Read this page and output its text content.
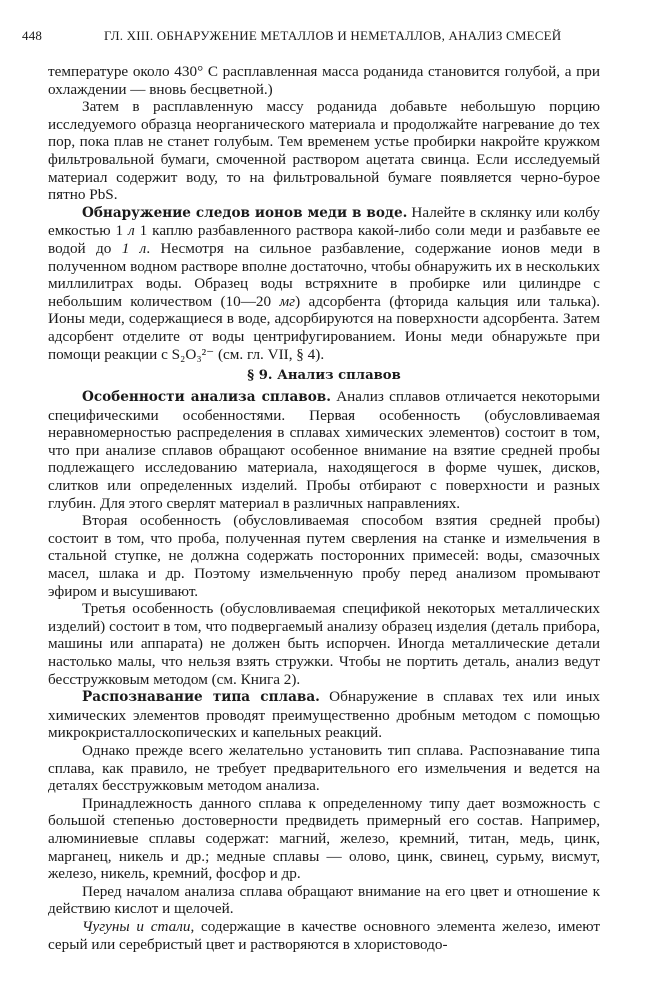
448	ГЛ. XIII. ОБНАРУЖЕНИЕ МЕТАЛЛОВ И НЕМЕТАЛЛОВ, АНАЛИЗ СМЕСЕЙ

температуре около 430° С расплавленная масса роданида становится голубой, а при охлаждении — вновь бесцветной.)

Затем в расплавленную массу роданида добавьте небольшую порцию исследуемого образца неорганического материала и продолжайте нагревание до тех пор, пока плав не станет голубым. Тем временем устье пробирки накройте кружком фильтровальной бумаги, смоченной раствором ацетата свинца. Если исследуемый материал содержит воду, то на фильтровальной бумаге появляется черно-бурое пятно PbS.

Обнаружение следов ионов меди в воде. Налейте в склянку или колбу емкостью 1 л 1 каплю разбавленного раствора какой-либо соли меди и разбавьте ее водой до 1 л. Несмотря на сильное разбавление, содержание ионов меди в полученном водном растворе вполне достаточно, чтобы обнаружить их в нескольких миллилитрах воды. Образец воды встряхните в пробирке или цилиндре с небольшим количеством (10—20 мг) адсорбента (фторида кальция или талька). Ионы меди, содержащиеся в воде, адсорбируются на поверхности адсорбента. Затем адсорбент отделите от воды центрифугированием. Ионы меди обнаружьте при помощи реакции с S₂O₃²⁻ (см. гл. VII, § 4).

§ 9. Анализ сплавов

Особенности анализа сплавов. Анализ сплавов отличается некоторыми специфическими особенностями. Первая особенность (обусловливаемая неравномерностью распределения в сплавах химических элементов) состоит в том, что при анализе сплавов обращают особенное внимание на взятие средней пробы подлежащего исследованию материала, находящегося в форме чушек, дисков, слитков или определенных изделий. Пробы отбирают с поверхности и разных глубин. Для этого сверлят материал в различных направлениях.

Вторая особенность (обусловливаемая способом взятия средней пробы) состоит в том, что проба, полученная путем сверления на станке и измельчения в стальной ступке, не должна содержать посторонних примесей: воды, смазочных масел, шлака и др. Поэтому измельченную пробу перед анализом промывают эфиром и высушивают.

Третья особенность (обусловливаемая спецификой некоторых металлических изделий) состоит в том, что подвергаемый анализу образец изделия (деталь прибора, машины или аппарата) не должен быть испорчен. Иногда металлические детали настолько малы, что нельзя взять стружки. Чтобы не портить деталь, анализ ведут бесстружковым методом (см. Книга 2).

Распознавание типа сплава. Обнаружение в сплавах тех или иных химических элементов проводят преимущественно дробным методом с помощью микрокристаллоскопических и капельных реакций.

Однако прежде всего желательно установить тип сплава. Распознавание типа сплава, как правило, не требует предварительного его измельчения и ведется на деталях бесстружковым методом анализа.

Принадлежность данного сплава к определенному типу дает возможность с большой степенью достоверности предвидеть примерный его состав. Например, алюминиевые сплавы содержат: магний, железо, кремний, титан, медь, цинк, марганец, никель и др.; медные сплавы — олово, цинк, свинец, сурьму, висмут, железо, никель, кремний, фосфор и др.

Перед началом анализа сплава обращают внимание на его цвет и отношение к действию кислот и щелочей.

Чугуны и стали, содержащие в качестве основного элемента железо, имеют серый или серебристый цвет и растворяются в хлористоводо-
